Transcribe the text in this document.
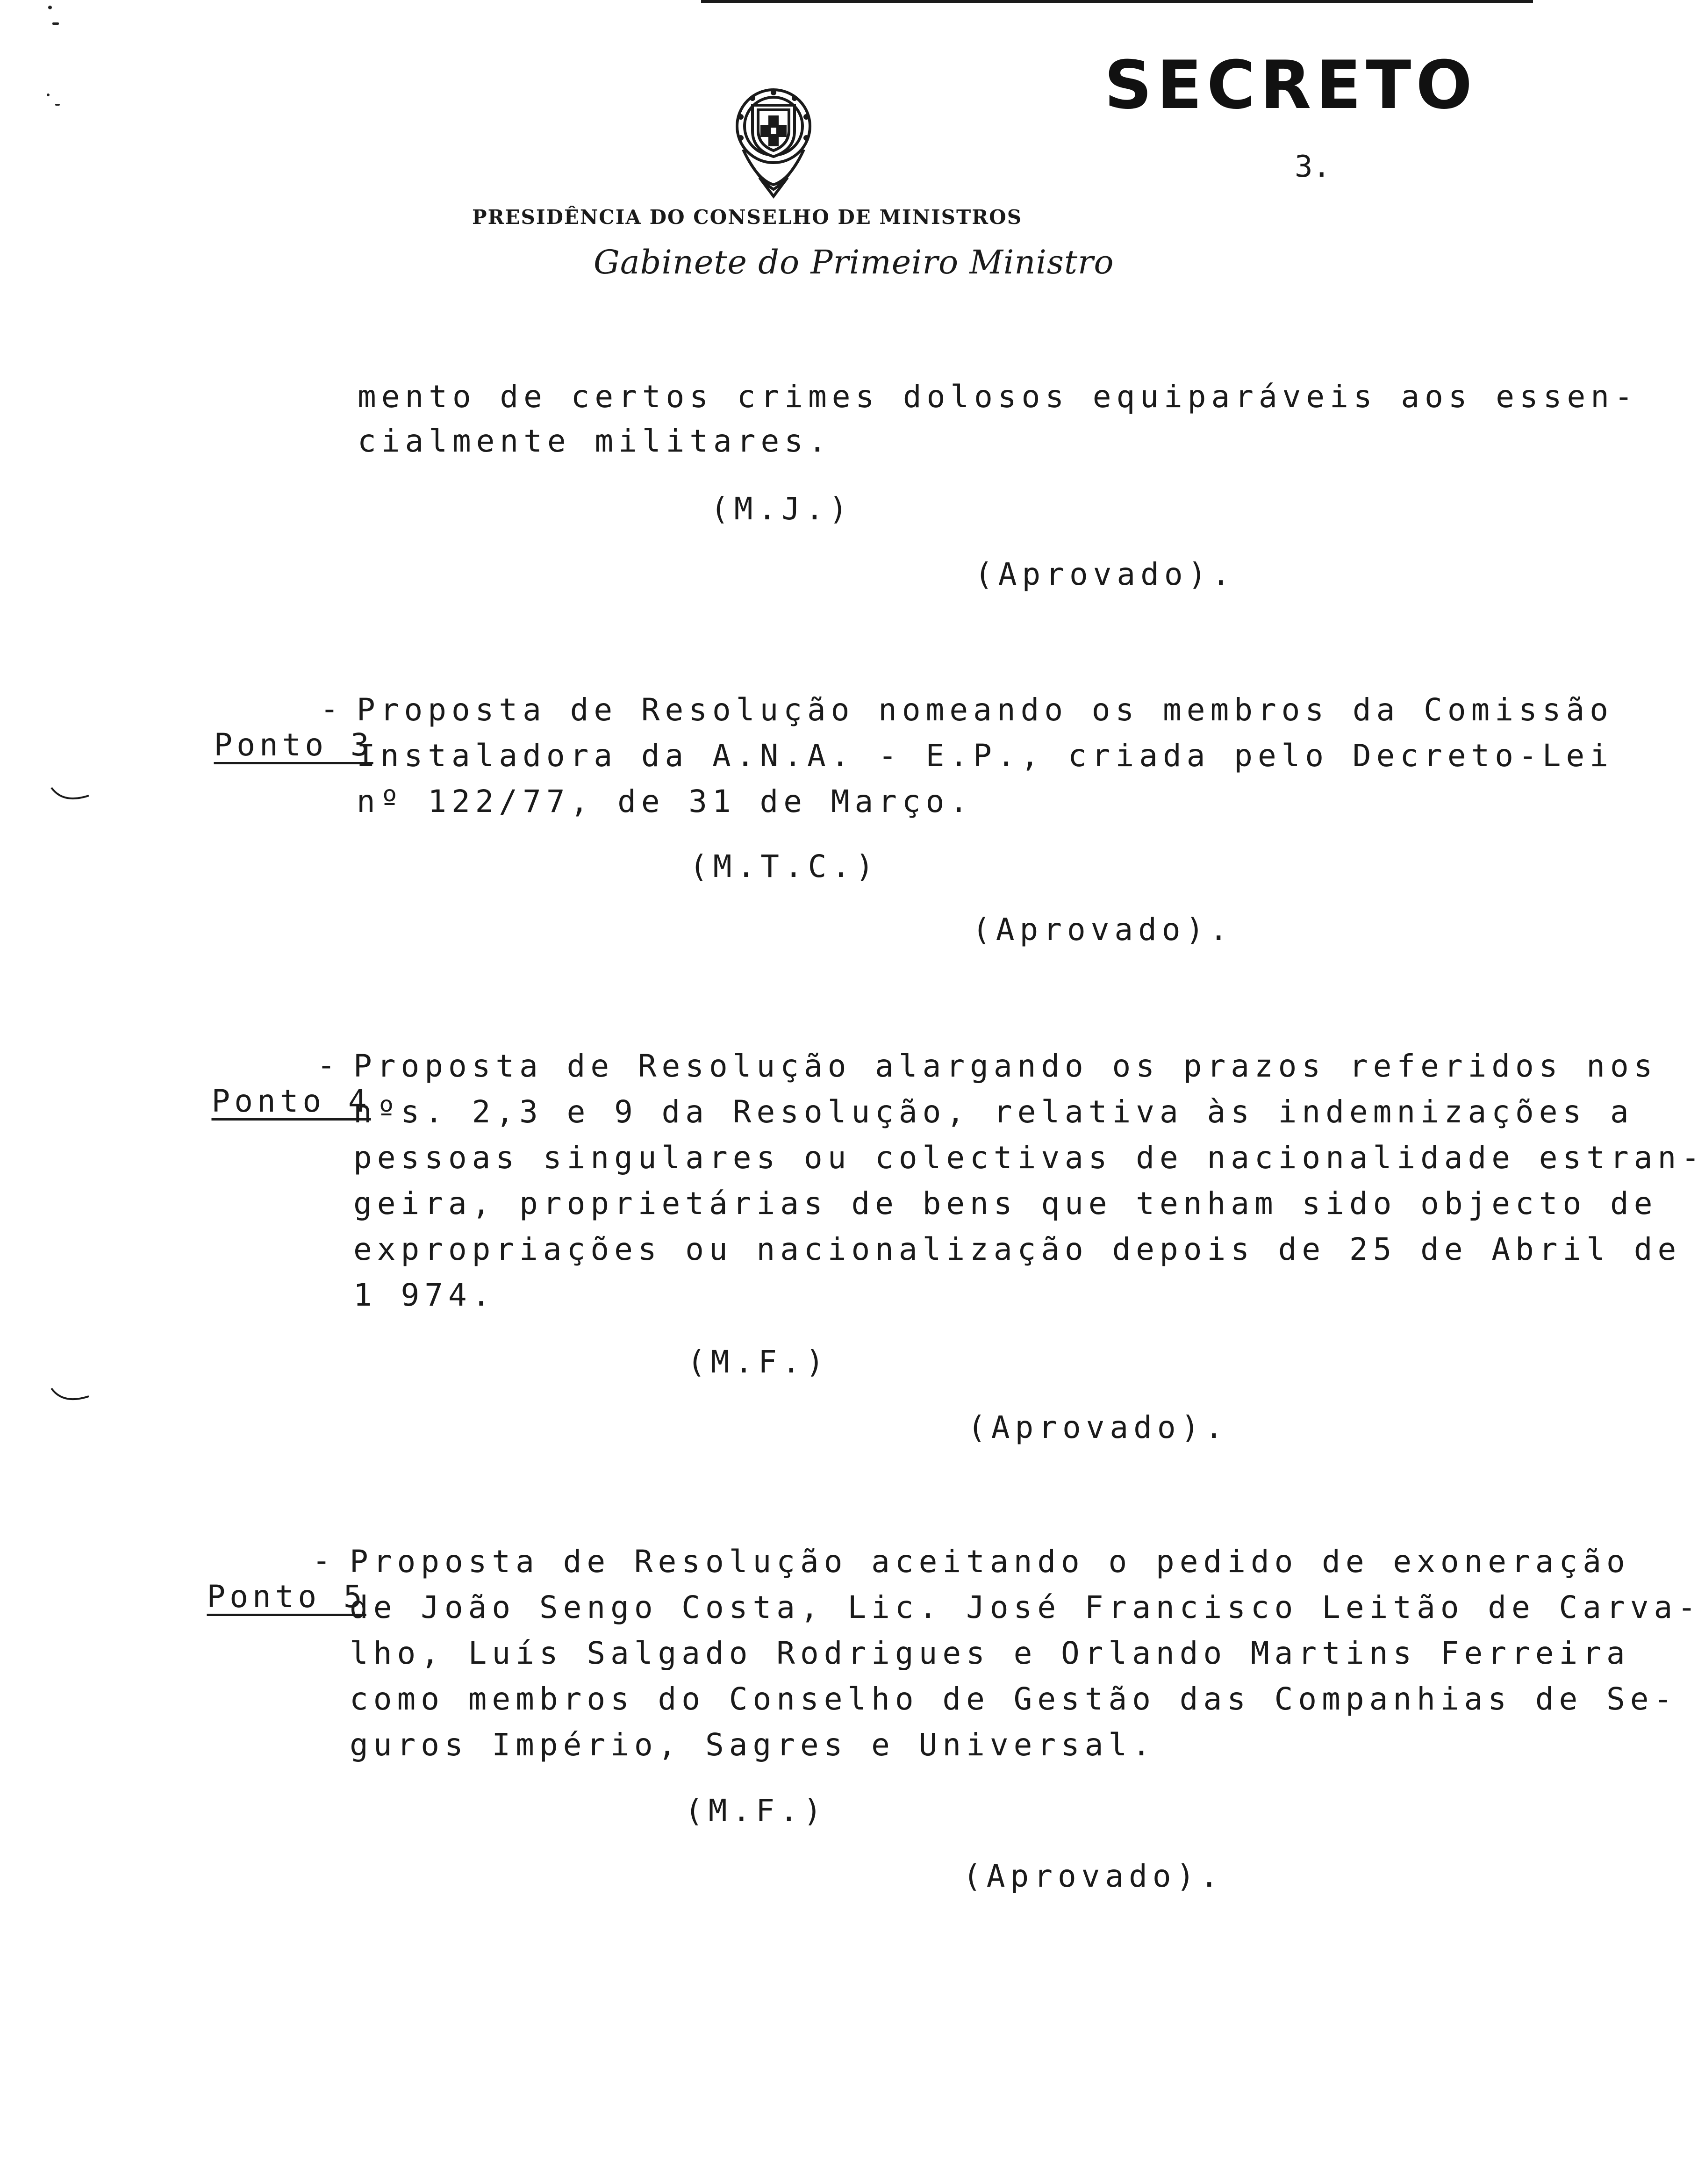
SECRETO
3.
PRESIDÊNCIA DO CONSELHO DE MINISTROS
Gabinete do Primeiro Ministro
mento de certos crimes dolosos equiparáveis aos essen-
cialmente militares.
(M.J.)
(Aprovado).

Ponto 3

- Proposta de Resolução nomeando os membros da Comissão
Instaladora da A.N.A. - E.P., criada pelo Decreto-Lei
nº 122/77, de 31 de Março.
(M.T.C.)
(Aprovado).

Ponto 4

- Proposta de Resolução alargando os prazos referidos nos
nºs. 2,3 e 9 da Resolução, relativa às indemnizações a
pessoas singulares ou colectivas de nacionalidade estran-
geira, proprietárias de bens que tenham sido objecto de
expropriações ou nacionalização depois de 25 de Abril de
1 974.
(M.F.)
(Aprovado).

Ponto 5

- Proposta de Resolução aceitando o pedido de exoneração
de João Sengo Costa, Lic. José Francisco Leitão de Carva-
lho, Luís Salgado Rodrigues e Orlando Martins Ferreira
como membros do Conselho de Gestão das Companhias de Se-
guros Império, Sagres e Universal.
(M.F.)
(Aprovado).
